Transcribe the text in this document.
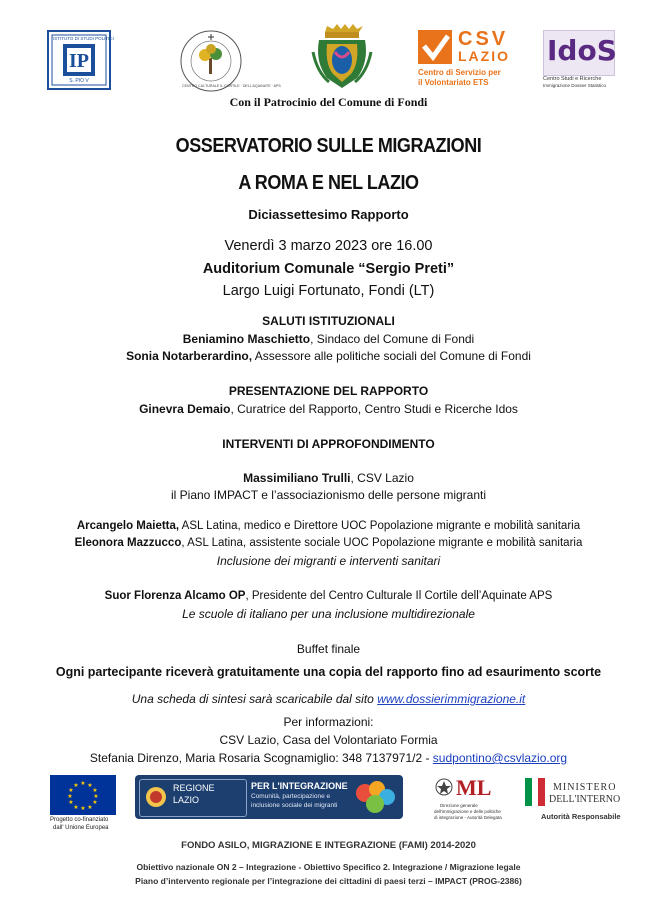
IP
ISTITUTO DI STUDI POLITICI
S. PIO V
CENTRO CULTURALE IL CORTILE · DELL'AQUINATE · APS
CSV
LAZIO
Centro di Servizio per
il Volontariato ETS
IdoS
Centro Studi e Ricerche
Immigrazione Dossier Statistico
Con il Patrocinio del Comune di Fondi
OSSERVATORIO SULLE MIGRAZIONI
A ROMA E NEL LAZIO
Diciassettesimo Rapporto
Venerdì 3 marzo 2023 ore 16.00
Auditorium Comunale “Sergio Preti”
Largo Luigi Fortunato, Fondi (LT)
SALUTI ISTITUZIONALI
Beniamino Maschietto, Sindaco del Comune di Fondi
Sonia Notarberardino, Assessore alle politiche sociali del Comune di Fondi
PRESENTAZIONE DEL RAPPORTO
Ginevra Demaio, Curatrice del Rapporto, Centro Studi e Ricerche Idos
INTERVENTI DI APPROFONDIMENTO
Massimiliano Trulli, CSV Lazio
il Piano IMPACT e l’associazionismo delle persone migranti
Arcangelo Maietta, ASL Latina, medico e Direttore UOC Popolazione migrante e mobilità sanitaria
Eleonora Mazzucco, ASL Latina, assistente sociale UOC Popolazione migrante e mobilità sanitaria
Inclusione dei migranti e interventi sanitari
Suor Florenza Alcamo OP, Presidente del Centro Culturale Il Cortile dell’Aquinate APS
Le scuole di italiano per una inclusione multidirezionale
Buffet finale
Ogni partecipante riceverà gratuitamente una copia del rapporto fino ad esaurimento scorte
Una scheda di sintesi sarà scaricabile dal sito www.dossierimmigrazione.it
Per informazioni:
CSV Lazio, Casa del Volontariato Formia
Stefania Direnzo, Maria Rosaria Scognamiglio: 348 7137971/2 - sudpontino@csvlazio.org
★ ★
★
★
★
★
★
★
★
★
★
★
Progetto co-finanziato
dall' Unione Europea
REGIONE
LAZIO
PER L'INTEGRAZIONE
Comunità, partecipazione e
inclusione sociale dei migranti
ML
Direzione generale
dell'immigrazione e delle politiche
di integrazione - Autorità Delegata
MINISTERO
DELL'INTERNO
Autorità Responsabile
FONDO ASILO, MIGRAZIONE E INTEGRAZIONE (FAMI) 2014-2020
Obiettivo nazionale ON 2 – Integrazione - Obiettivo Specifico 2. Integrazione / Migrazione legale
Piano d’intervento regionale per l’integrazione dei cittadini di paesi terzi – IMPACT (PROG-2386)
